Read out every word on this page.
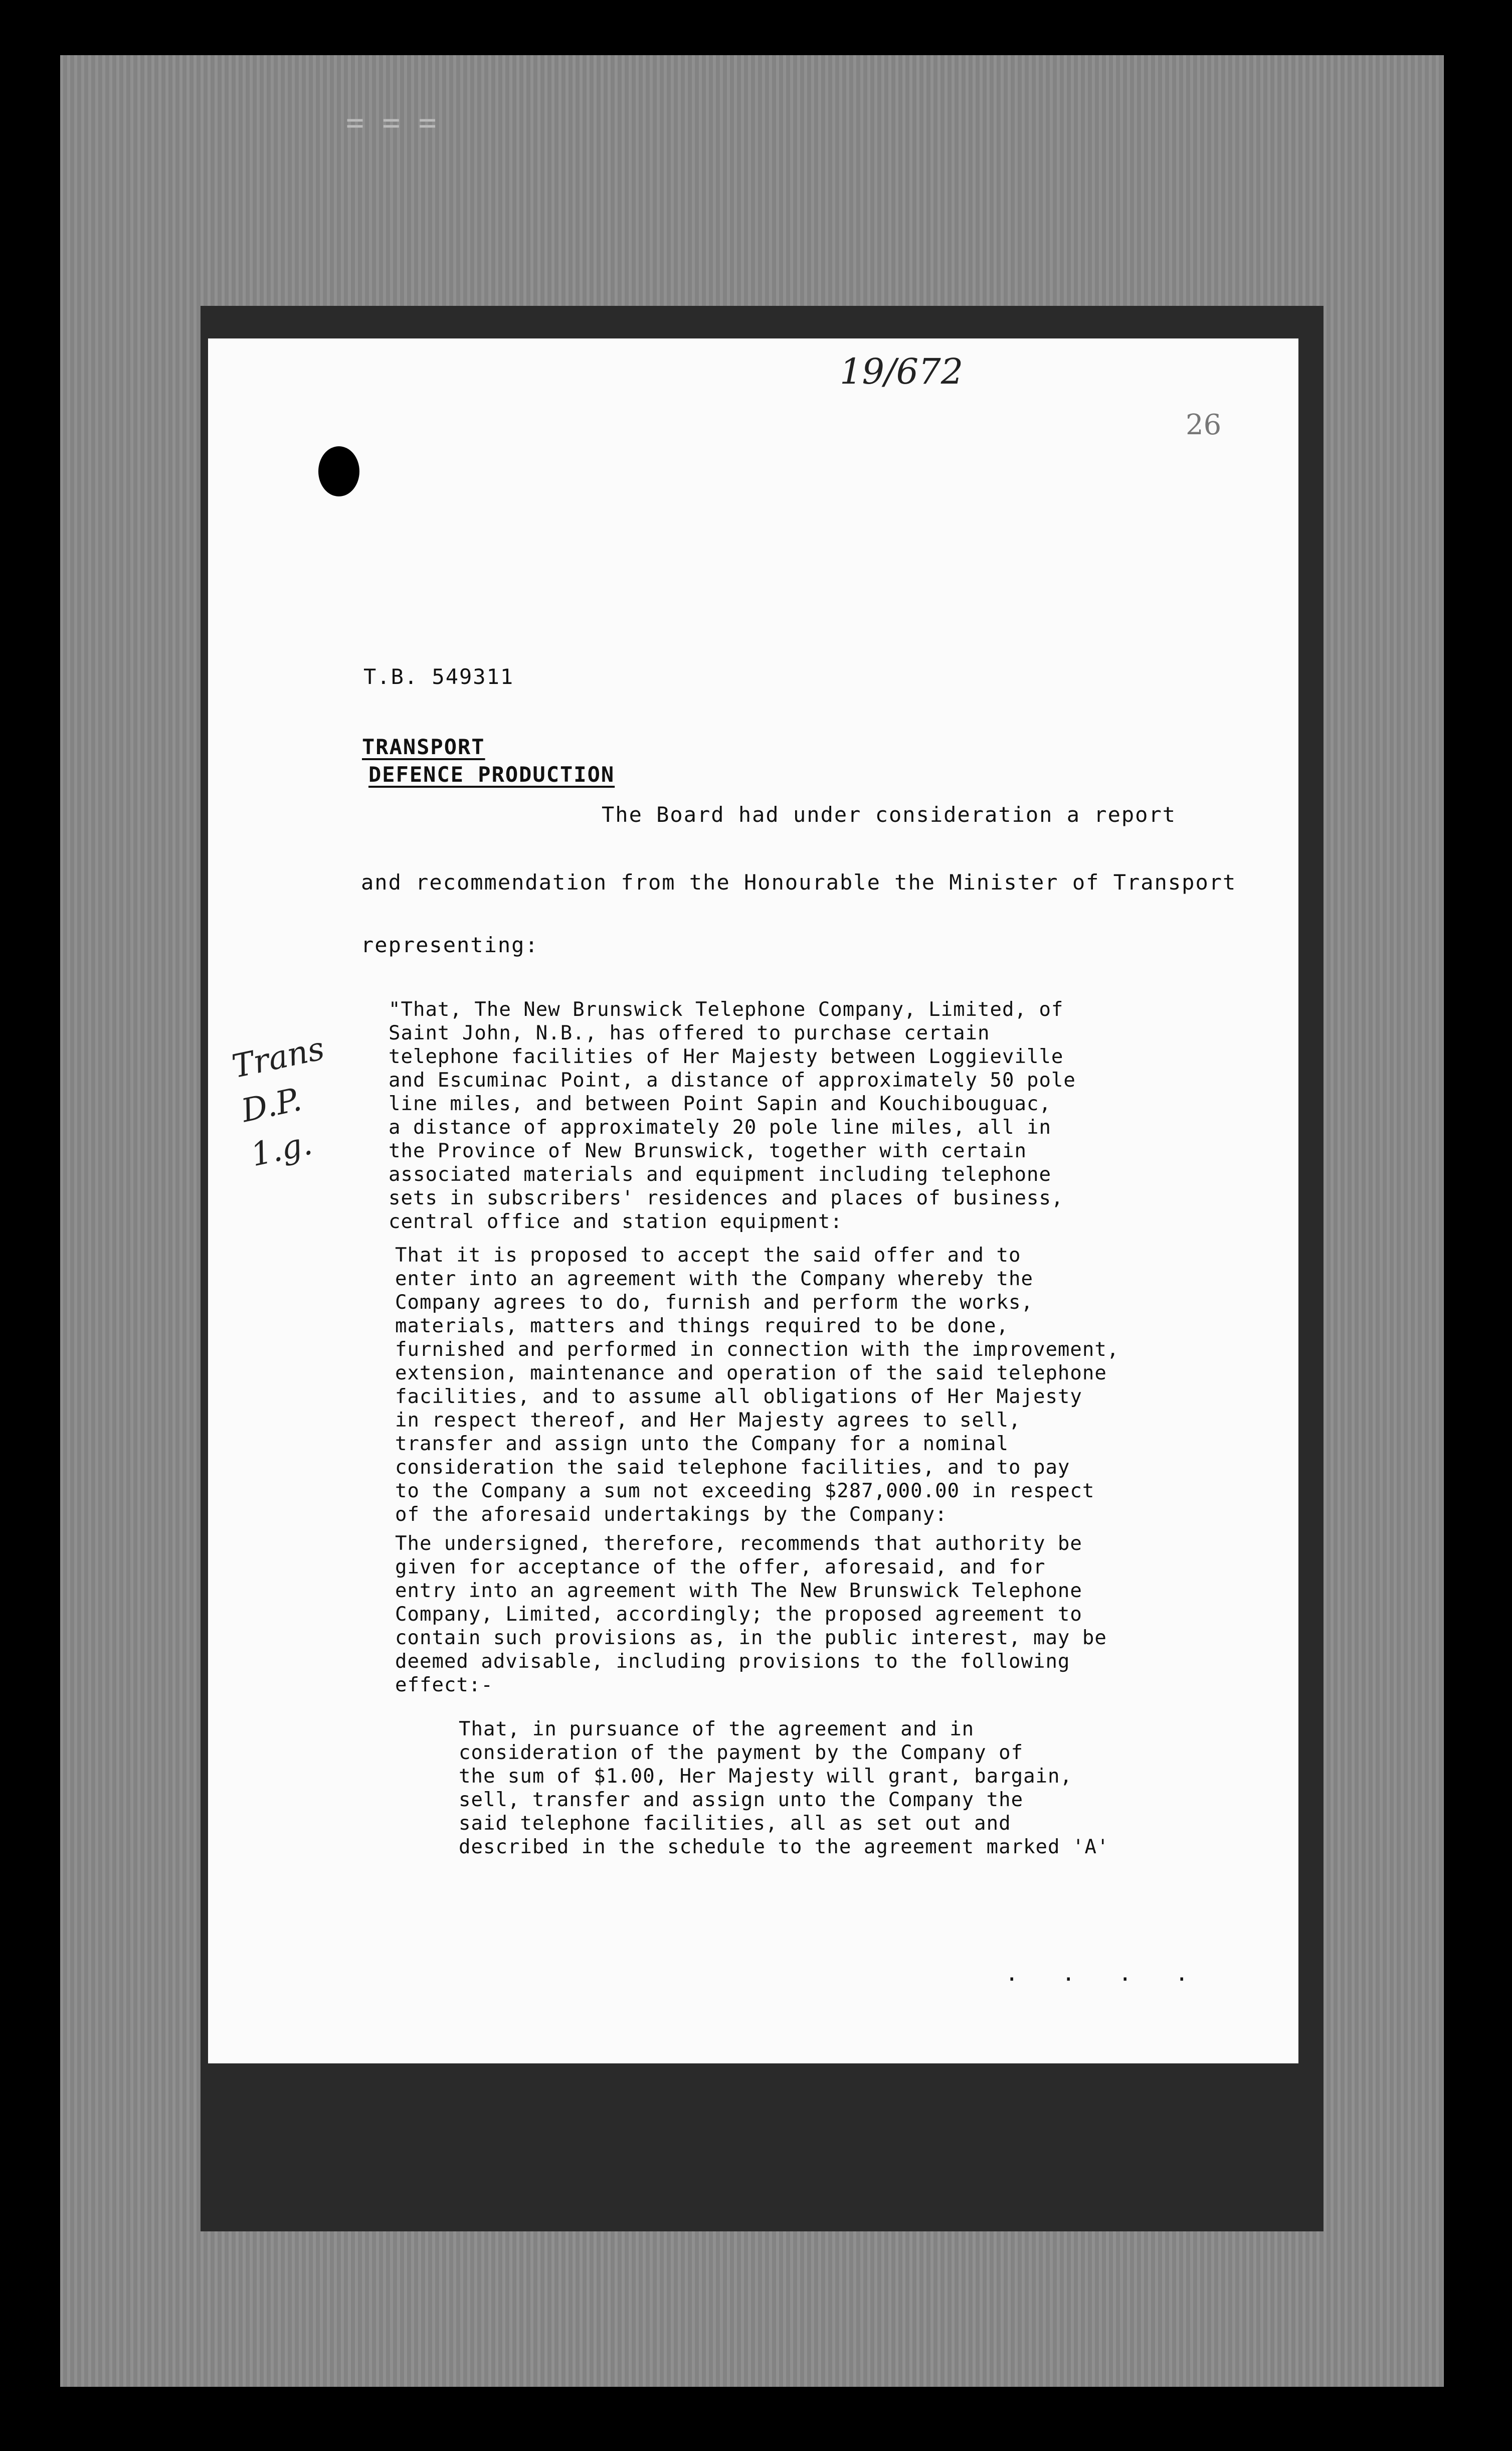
= = =
19/672
26
Trans
D.P.
1.g.
T.B. 549311
TRANSPORT
DEFENCE PRODUCTION
The Board had under consideration a report
and recommendation from the Honourable the Minister of Transport
representing:
"That, The New Brunswick Telephone Company, Limited, of
Saint John, N.B., has offered to purchase certain
telephone facilities of Her Majesty between Loggieville
and Escuminac Point, a distance of approximately 50 pole
line miles, and between Point Sapin and Kouchibouguac,
a distance of approximately 20 pole line miles, all in
the Province of New Brunswick, together with certain
associated materials and equipment including telephone
sets in subscribers' residences and places of business,
central office and station equipment:
That it is proposed to accept the said offer and to
enter into an agreement with the Company whereby the
Company agrees to do, furnish and perform the works,
materials, matters and things required to be done,
furnished and performed in connection with the improvement,
extension, maintenance and operation of the said telephone
facilities, and to assume all obligations of Her Majesty
in respect thereof, and Her Majesty agrees to sell,
transfer and assign unto the Company for a nominal
consideration the said telephone facilities, and to pay
to the Company a sum not exceeding $287,000.00 in respect
of the aforesaid undertakings by the Company:
The undersigned, therefore, recommends that authority be
given for acceptance of the offer, aforesaid, and for
entry into an agreement with The New Brunswick Telephone
Company, Limited, accordingly; the proposed agreement to
contain such provisions as, in the public interest, may be
deemed advisable, including provisions to the following
effect:-
That, in pursuance of the agreement and in
consideration of the payment by the Company of
the sum of $1.00, Her Majesty will grant, bargain,
sell, transfer and assign unto the Company the
said telephone facilities, all as set out and
described in the schedule to the agreement marked 'A'
. . . .
